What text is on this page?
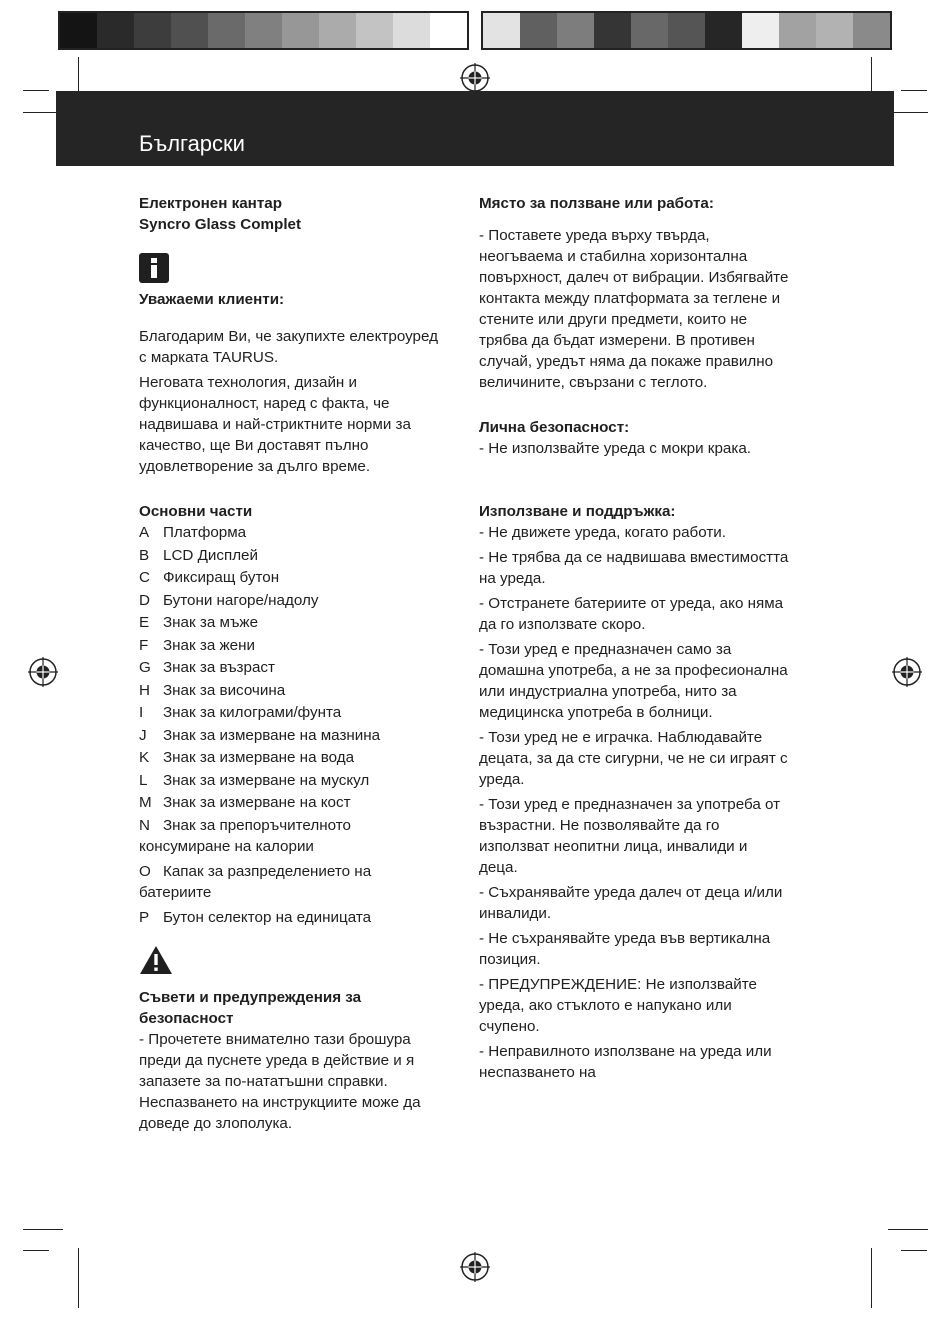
Български

Електронен кантар

Syncro Glass Complet

Уважаеми клиенти:

Благодарим Ви, че закупихте електроуред с марката TAURUS.

Неговата технология, дизайн и функционалност, наред с факта, че надвишава и най-стриктните норми за качество, ще Ви доставят пълно удовлетворение за дълго време.

Основни части

A Платформа
B LCD Дисплей
C Фиксиращ бутон
D Бутони нагоре/надолу
E Знак за мъже
F Знак за жени
G Знак за възраст
H Знак за височина
I	Знак за килограми/фунта
J	Знак за измерване на мазнина
K Знак за измерване на вода
L	Знак за измерване на мускул
M Знак за измерване на кост
N Знак за препоръчителното
консумиране на калории
O Капак за разпределението на
батериите
P Бутон селектор на единицата

Съвети и предупреждения за безопасност

- Прочетете внимателно тази брошура преди да пуснете уреда в действие и я запазете за по-нататъшни справки. Неспазването на инструкциите може да доведе до злополука.

Място за ползване или работа:

- Поставете уреда върху твърда, неогъваема и стабилна хоризонтална повърхност, далеч от вибрации. Избягвайте контакта между платформата за теглене и стените или други предмети, които не трябва да бъдат измерени. В противен случай, уредът няма да покаже правилно величините, свързани с теглото.

Лична безопасност:

- Не използвайте уреда с мокри крака.

Използване и поддръжка:

- Не движете уреда, когато работи.

- Не трябва да се надвишава вместимостта на уреда.

- Отстранете батериите от уреда, ако няма да го използвате скоро.

- Този уред е предназначен само за домашна употреба, а не за професионална или индустриална употреба, нито за медицинска употреба в болници.

- Този уред не е играчка. Наблюдавайте децата, за да сте сигурни, че не си играят с уреда.

- Този уред е предназначен за употреба от възрастни. Не позволявайте да го използват неопитни лица, инвалиди и деца.

- Съхранявайте уреда далеч от деца и/или инвалиди.

- Не съхранявайте уреда във вертикална позиция.

- ПРЕДУПРЕЖДЕНИЕ: Не използвайте уреда, ако стъклото е напукано или счупено.

- Неправилното използване на уреда или неспазването на
